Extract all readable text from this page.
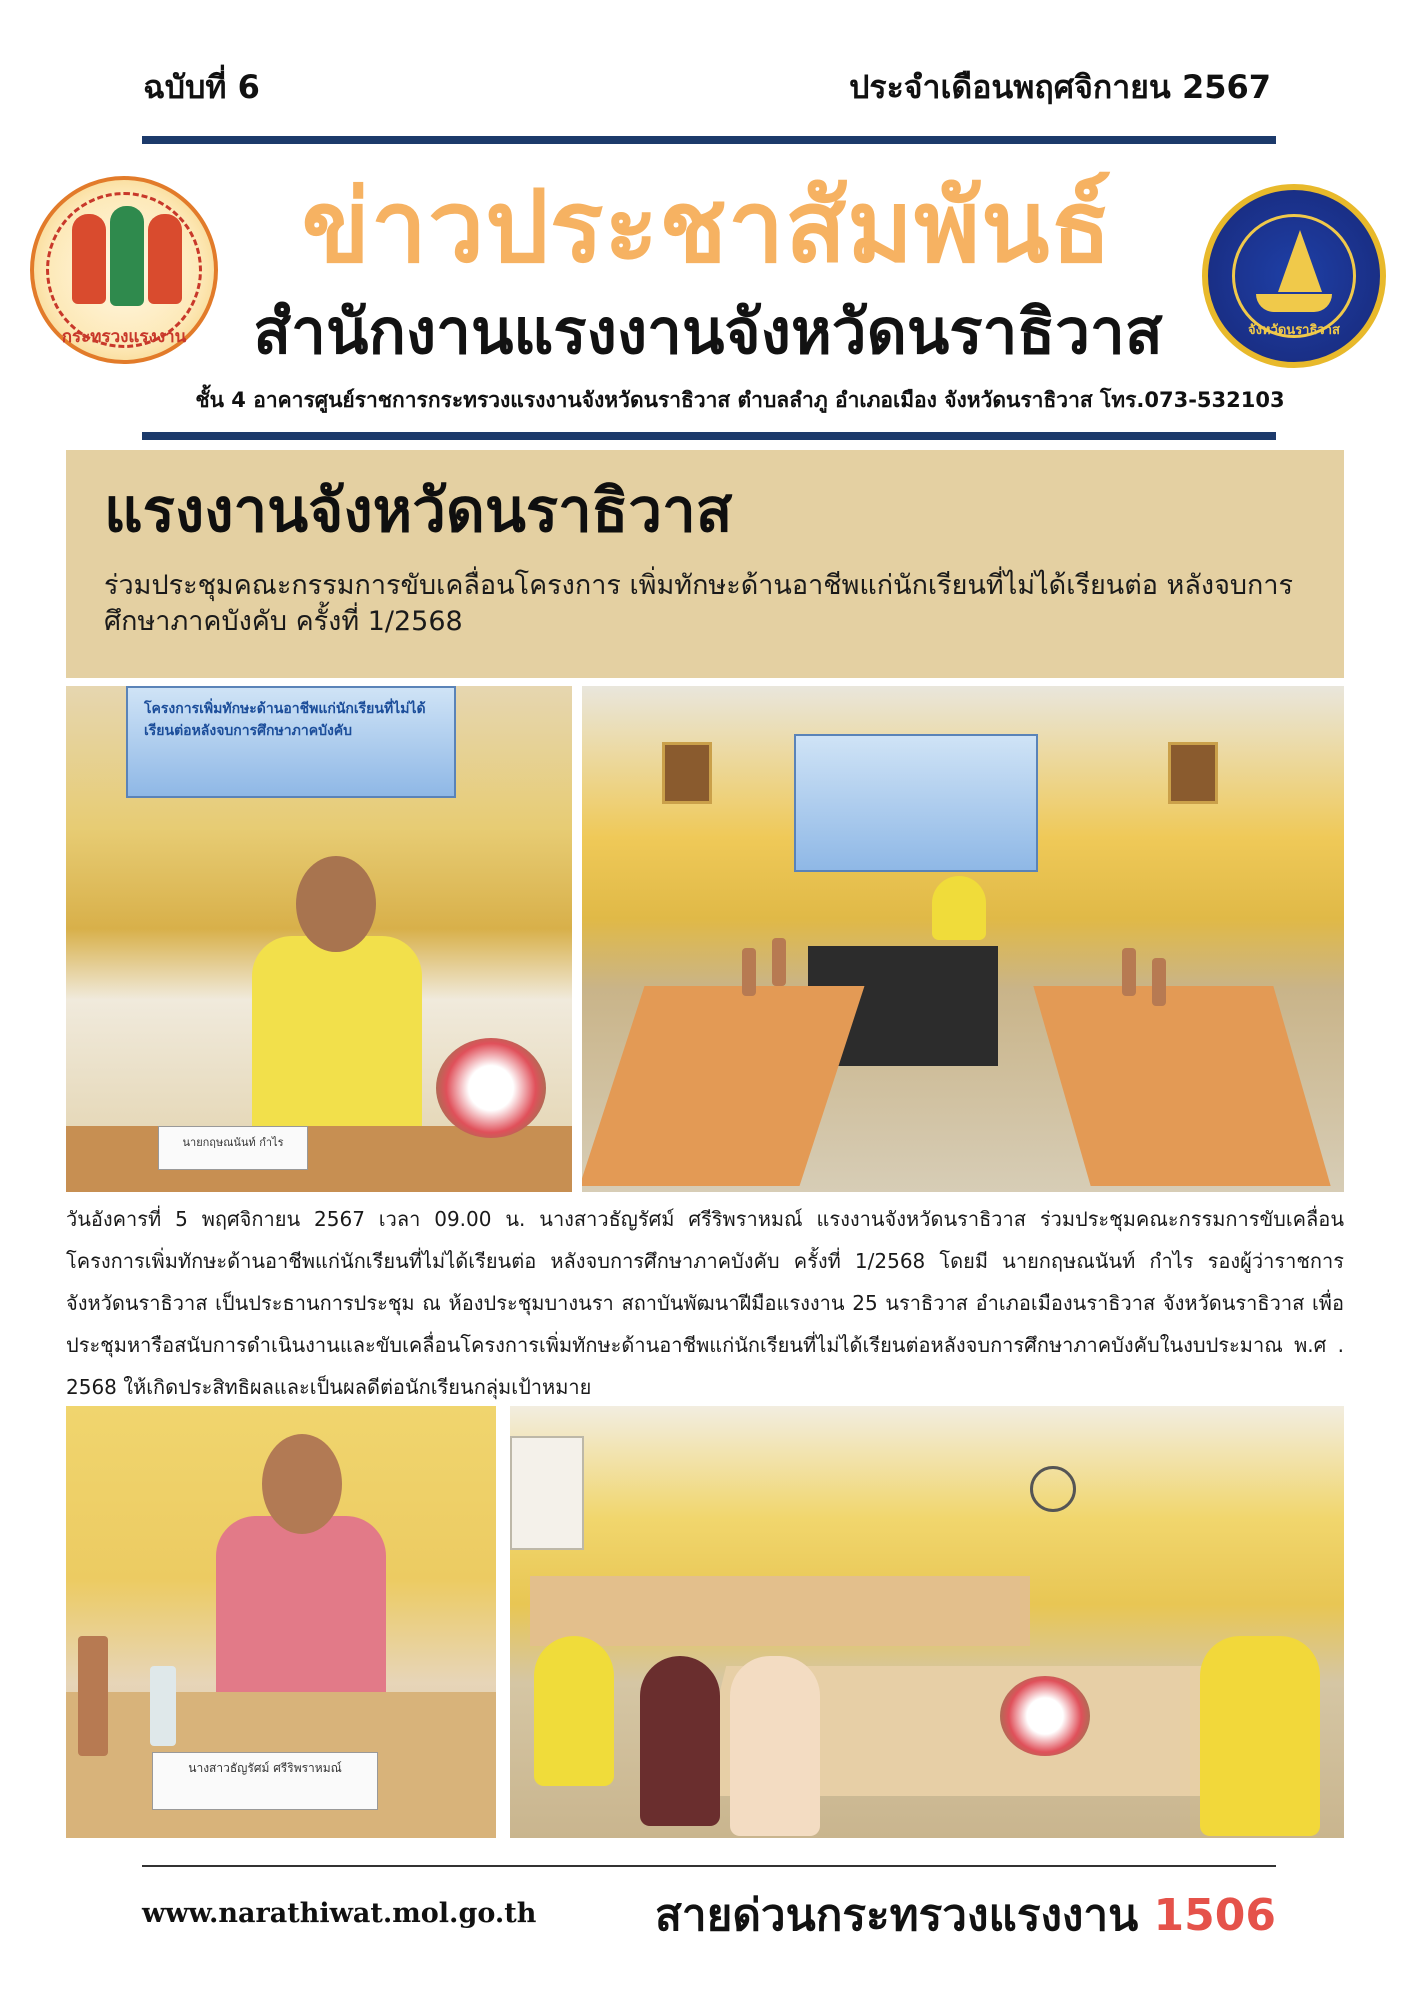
ฉบับที่ 6	ประจำเดือนพฤศจิกายน 2567
กระทรวงแรงงาน
ข่าวประชาสัมพันธ์
สำนักงานแรงงานจังหวัดนราธิวาส	จังหวัดนราธิวาส
ชั้น 4 อาคารศูนย์ราชการกระทรวงแรงงานจังหวัดนราธิวาส ตำบลลำภู อำเภอเมือง จังหวัดนราธิวาส โทร.073-532103
แรงงานจังหวัดนราธิวาส
ร่วมประชุมคณะกรรมการขับเคลื่อนโครงการ เพิ่มทักษะด้านอาชีพแก่นักเรียนที่ไม่ได้เรียนต่อ หลังจบการศึกษาภาคบังคับ ครั้งที่ 1/2568
โครงการเพิ่มทักษะด้านอาชีพแก่นักเรียนที่ไม่ได้เรียนต่อหลังจบการศึกษาภาคบังคับ
นายกฤษณนันท์ กำไร
วันอังคารที่ 5 พฤศจิกายน 2567 เวลา 09.00 น. นางสาวธัญรัศม์ ศรีริพราหมณ์ แรงงานจังหวัดนราธิวาส ร่วมประชุมคณะกรรมการขับเคลื่อนโครงการเพิ่มทักษะด้านอาชีพแก่นักเรียนที่ไม่ได้เรียนต่อ หลังจบการศึกษาภาคบังคับ ครั้งที่ 1/2568 โดยมี นายกฤษณนันท์ กำไร รองผู้ว่าราชการจังหวัดนราธิวาส เป็นประธานการประชุม ณ ห้องประชุมบางนรา สถาบันพัฒนาฝีมือแรงงาน 25 นราธิวาส อำเภอเมืองนราธิวาส จังหวัดนราธิวาส เพื่อประชุมหารือสนับการดำเนินงานและขับเคลื่อนโครงการเพิ่มทักษะด้านอาชีพแก่นักเรียนที่ไม่ได้เรียนต่อหลังจบการศึกษาภาคบังคับในงบประมาณ พ.ศ . 2568 ให้เกิดประสิทธิผลและเป็นผลดีต่อนักเรียนกลุ่มเป้าหมาย
นางสาวธัญรัศม์ ศรีริพราหมณ์
www.narathiwat.mol.go.th	สายด่วนกระทรวงแรงงาน 1506
